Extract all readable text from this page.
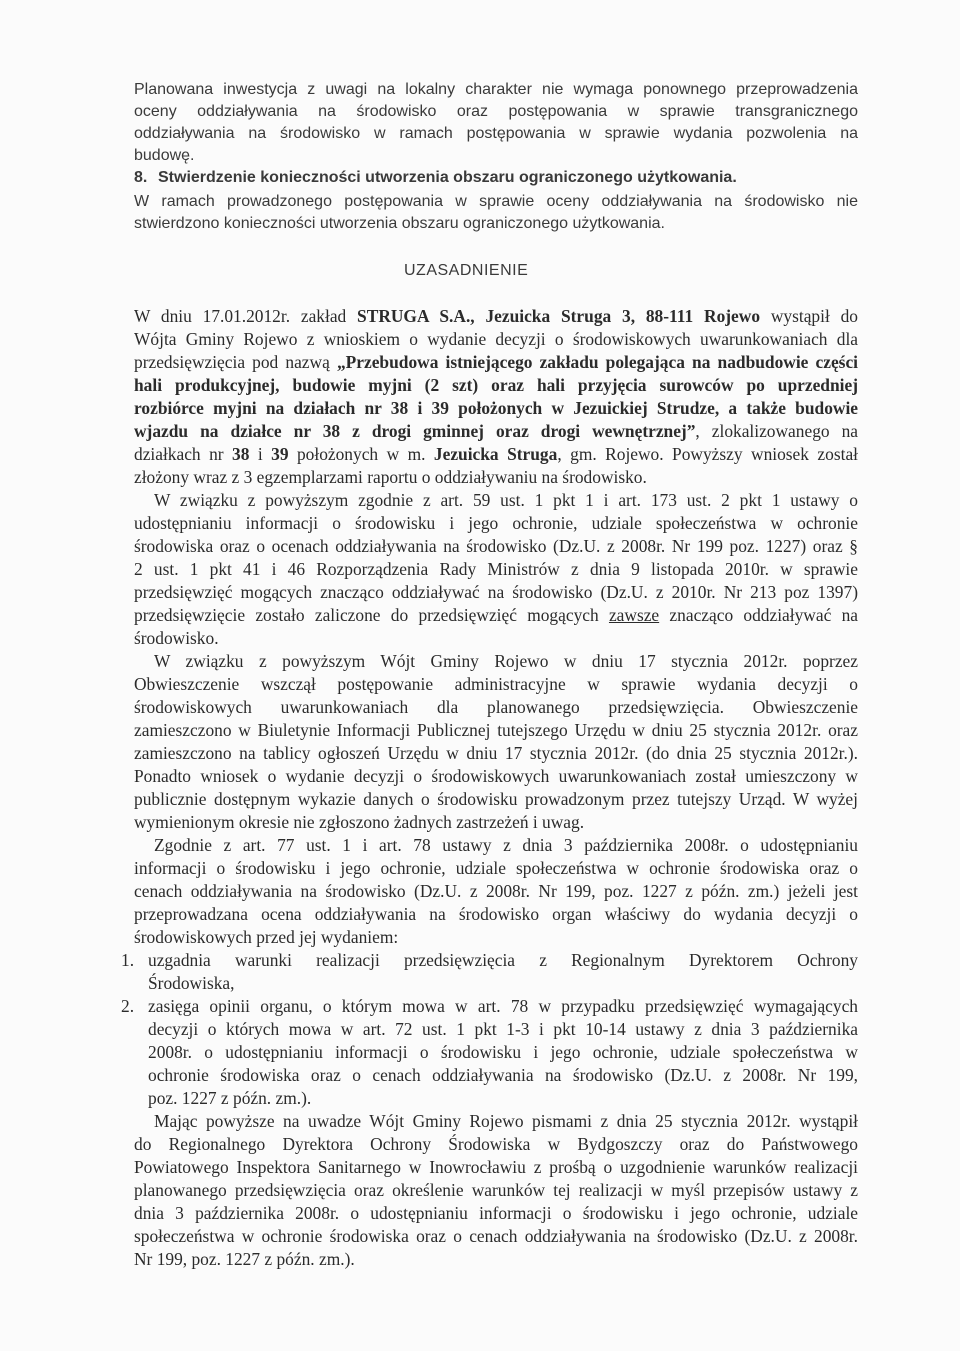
Planowana inwestycja z uwagi na lokalny charakter nie wymaga ponownego przeprowadzenia
oceny oddziaływania na środowisko oraz postępowania w sprawie transgranicznego
oddziaływania na środowisko w ramach postępowania w sprawie wydania pozwolenia na
budowę.
8. Stwierdzenie konieczności utworzenia obszaru ograniczonego użytkowania.
W ramach prowadzonego postępowania w sprawie oceny oddziaływania na środowisko nie
stwierdzono konieczności utworzenia obszaru ograniczonego użytkowania.
UZASADNIENIE
W dniu 17.01.2012r. zakład STRUGA S.A., Jezuicka Struga 3, 88-111 Rojewo wystąpił do
Wójta Gminy Rojewo z wnioskiem o wydanie decyzji o środowiskowych uwarunkowaniach dla
przedsięwzięcia pod nazwą „Przebudowa istniejącego zakładu polegająca na nadbudowie części
hali produkcyjnej, budowie myjni (2 szt) oraz hali przyjęcia surowców po uprzedniej
rozbiórce myjni na działach nr 38 i 39 położonych w Jezuickiej Strudze, a także budowie
wjazdu na działce nr 38 z drogi gminnej oraz drogi wewnętrznej”, zlokalizowanego na
działkach nr 38 i 39 położonych w m. Jezuicka Struga, gm. Rojewo. Powyższy wniosek został
złożony wraz z 3 egzemplarzami raportu o oddziaływaniu na środowisko.
W związku z powyższym zgodnie z art. 59 ust. 1 pkt 1 i art. 173 ust. 2 pkt 1 ustawy o
udostępnianiu informacji o środowisku i jego ochronie, udziale społeczeństwa w ochronie
środowiska oraz o ocenach oddziaływania na środowisko (Dz.U. z 2008r. Nr 199 poz. 1227) oraz §
2 ust. 1 pkt 41 i 46 Rozporządzenia Rady Ministrów z dnia 9 listopada 2010r. w sprawie
przedsięwzięć mogących znacząco oddziaływać na środowisko (Dz.U. z 2010r. Nr 213 poz 1397)
przedsięwzięcie zostało zaliczone do przedsięwzięć mogących zawsze znacząco oddziaływać na
środowisko.
W związku z powyższym Wójt Gminy Rojewo w dniu 17 stycznia 2012r. poprzez
Obwieszczenie wszczął postępowanie administracyjne w sprawie wydania decyzji o
środowiskowych uwarunkowaniach dla planowanego przedsięwzięcia. Obwieszczenie
zamieszczono w Biuletynie Informacji Publicznej tutejszego Urzędu w dniu 25 stycznia 2012r. oraz
zamieszczono na tablicy ogłoszeń Urzędu w dniu 17 stycznia 2012r. (do dnia 25 stycznia 2012r.).
Ponadto wniosek o wydanie decyzji o środowiskowych uwarunkowaniach został umieszczony w
publicznie dostępnym wykazie danych o środowisku prowadzonym przez tutejszy Urząd. W wyżej
wymienionym okresie nie zgłoszono żadnych zastrzeżeń i uwag.
Zgodnie z art. 77 ust. 1 i art. 78 ustawy z dnia 3 października 2008r. o udostępnianiu
informacji o środowisku i jego ochronie, udziale społeczeństwa w ochronie środowiska oraz o
cenach oddziaływania na środowisko (Dz.U. z 2008r. Nr 199, poz. 1227 z późn. zm.) jeżeli jest
przeprowadzana ocena oddziaływania na środowisko organ właściwy do wydania decyzji o
środowiskowych przed jej wydaniem:
1. uzgadnia warunki realizacji przedsięwzięcia z Regionalnym Dyrektorem Ochrony
Środowiska,
2. zasięga opinii organu, o którym mowa w art. 78 w przypadku przedsięwzięć wymagających
decyzji o których mowa w art. 72 ust. 1 pkt 1-3 i pkt 10-14 ustawy z dnia 3 października
2008r. o udostępnianiu informacji o środowisku i jego ochronie, udziale społeczeństwa w
ochronie środowiska oraz o cenach oddziaływania na środowisko (Dz.U. z 2008r. Nr 199,
poz. 1227 z późn. zm.).
Mając powyższe na uwadze Wójt Gminy Rojewo pismami z dnia 25 stycznia 2012r. wystąpił
do Regionalnego Dyrektora Ochrony Środowiska w Bydgoszczy oraz do Państwowego
Powiatowego Inspektora Sanitarnego w Inowrocławiu z prośbą o uzgodnienie warunków realizacji
planowanego przedsięwzięcia oraz określenie warunków tej realizacji w myśl przepisów ustawy z
dnia 3 października 2008r. o udostępnianiu informacji o środowisku i jego ochronie, udziale
społeczeństwa w ochronie środowiska oraz o cenach oddziaływania na środowisko (Dz.U. z 2008r.
Nr 199, poz. 1227 z późn. zm.).
